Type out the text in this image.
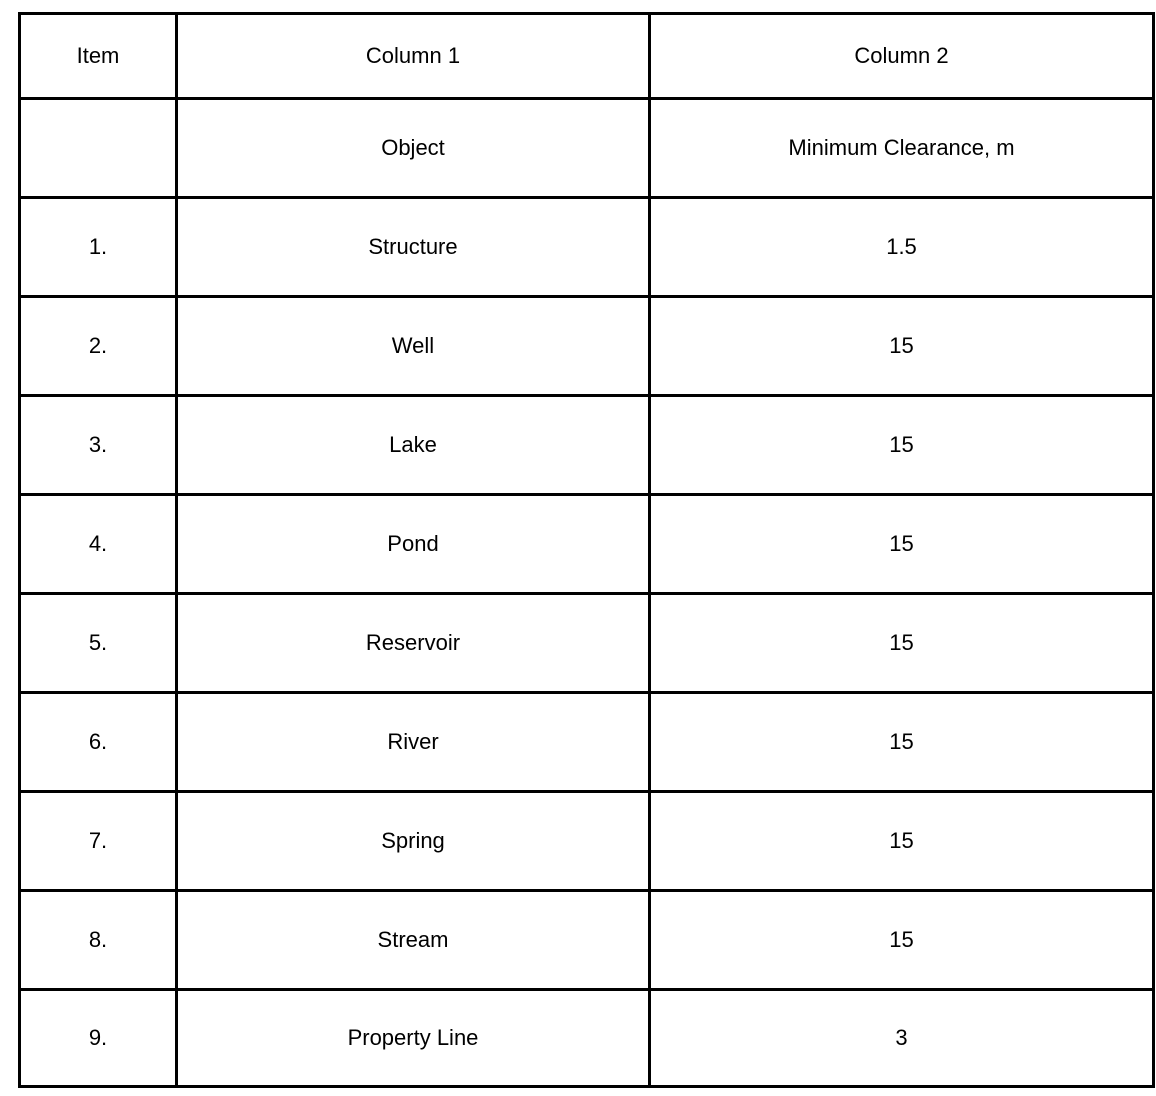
Item	Column 1	Column 2
	Object	Minimum Clearance, m
1.	Structure	1.5
2.	Well	15
3.	Lake	15
4.	Pond	15
5.	Reservoir	15
6.	River	15
7.	Spring	15
8.	Stream	15
9.	Property Line	3
